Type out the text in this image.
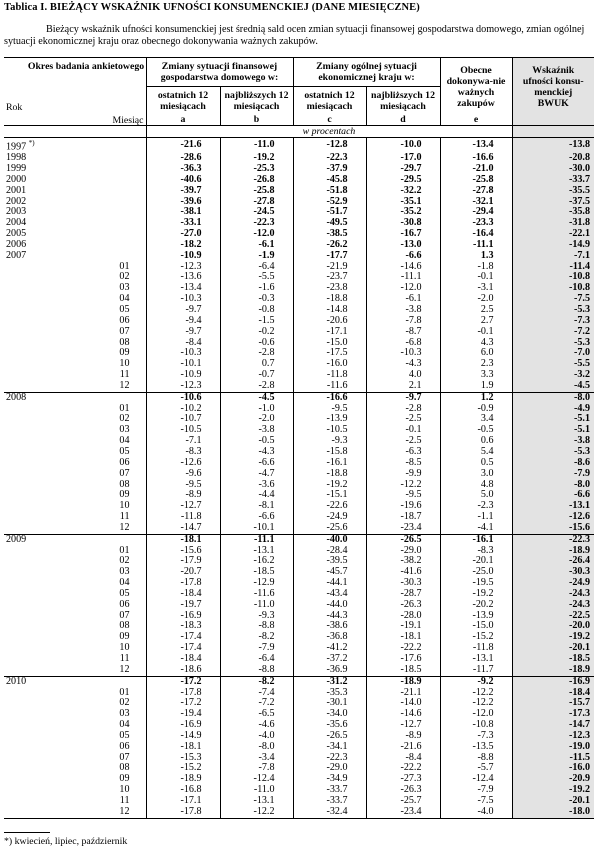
Tablica I. BIEŻĄCY WSKAŹNIK UFNOŚCI KONSUMENCKIEJ (DANE MIESIĘCZNE)
Bieżący wskaźnik ufności konsumenckiej jest średnią sald ocen zmian sytuacji finansowej gospodarstwa domowego, zmian ogólnej sytuacji ekonomicznej kraju oraz obecnego dokonywania ważnych zakupów.
Okres badania ankietowego
Rok
Miesiąc		Zmiany sytuacji finansowej gospodarstwa domowego w:		Zmiany ogólnej sytuacji ekonomicznej kraju w:		Obecne dokonywa-nie ważnych zakupów	Wskaźnik ufności konsu-menckiej BWUK
		ostatnich 12 miesiącach	najbliższych 12 miesiącach	ostatnich 12 miesiącach	najbliższych 12 miesiącach		
		a	b	c	d	e	
		w procentach					
1997 *)		-21.6	-11.0	-12.8	-10.0	-13.4	-13.8
1998		-28.6	-19.2	-22.3	-17.0	-16.6	-20.8
1999		-36.3	-25.3	-37.9	-29.7	-21.0	-30.0
2000		-40.6	-26.8	-45.8	-29.5	-25.8	-33.7
2001		-39.7	-25.8	-51.8	-32.2	-27.8	-35.5
2002		-39.6	-27.8	-52.9	-35.1	-32.1	-37.5
2003		-38.1	-24.5	-51.7	-35.2	-29.4	-35.8
2004		-33.1	-22.3	-49.5	-30.8	-23.3	-31.8
2005		-27.0	-12.0	-38.5	-16.7	-16.4	-22.1
2006		-18.2	-6.1	-26.2	-13.0	-11.1	-14.9
2007		-10.9	-1.9	-17.7	-6.6	1.3	-7.1
	01	-12.3	-6.4	-21.9	-14.6	-1.8	-11.4
	02	-13.6	-5.5	-23.7	-11.1	-0.1	-10.8
	03	-13.4	-1.6	-23.8	-12.0	-3.1	-10.8
	04	-10.3	-0.3	-18.8	-6.1	-2.0	-7.5
	05	-9.7	-0.8	-14.8	-3.8	2.5	-5.3
	06	-9.4	-1.5	-20.6	-7.8	2.7	-7.3
	07	-9.7	-0.2	-17.1	-8.7	-0.1	-7.2
	08	-8.4	-0.6	-15.0	-6.8	4.3	-5.3
	09	-10.3	-2.8	-17.5	-10.3	6.0	-7.0
	10	-10.1	0.7	-16.0	-4.3	2.3	-5.5
	11	-10.9	-0.7	-11.8	4.0	3.3	-3.2
	12	-12.3	-2.8	-11.6	2.1	1.9	-4.5
2008		-10.6	-4.5	-16.6	-9.7	1.2	-8.0
	01	-10.2	-1.0	-9.5	-2.8	-0.9	-4.9
	02	-10.7	-2.0	-13.9	-2.5	3.4	-5.1
	03	-10.5	-3.8	-10.5	-0.1	-0.5	-5.1
	04	-7.1	-0.5	-9.3	-2.5	0.6	-3.8
	05	-8.3	-4.3	-15.8	-6.3	5.4	-5.3
	06	-12.6	-6.6	-16.1	-8.5	0.5	-8.6
	07	-9.6	-4.7	-18.8	-9.9	3.0	-7.9
	08	-9.5	-3.6	-19.2	-12.2	4.8	-8.0
	09	-8.9	-4.4	-15.1	-9.5	5.0	-6.6
	10	-12.7	-8.1	-22.6	-19.6	-2.3	-13.1
	11	-11.8	-6.6	-24.9	-18.7	-1.1	-12.6
	12	-14.7	-10.1	-25.6	-23.4	-4.1	-15.6
2009		-18.1	-11.1	-40.0	-26.5	-16.1	-22.3
	01	-15.6	-13.1	-28.4	-29.0	-8.3	-18.9
	02	-17.9	-16.2	-39.5	-38.2	-20.1	-26.4
	03	-20.7	-18.5	-45.7	-41.6	-25.0	-30.3
	04	-17.8	-12.9	-44.1	-30.3	-19.5	-24.9
	05	-18.4	-11.6	-43.4	-28.7	-19.2	-24.3
	06	-19.7	-11.0	-44.0	-26.3	-20.2	-24.3
	07	-16.9	-9.3	-44.3	-28.0	-13.9	-22.5
	08	-18.3	-8.8	-38.6	-19.1	-15.0	-20.0
	09	-17.4	-8.2	-36.8	-18.1	-15.2	-19.2
	10	-17.4	-7.9	-41.2	-22.2	-11.8	-20.1
	11	-18.4	-6.4	-37.2	-17.6	-13.1	-18.5
	12	-18.6	-8.8	-36.9	-18.5	-11.7	-18.9
2010		-17.2	-8.2	-31.2	-18.9	-9.2	-16.9
	01	-17.8	-7.4	-35.3	-21.1	-12.2	-18.4
	02	-17.2	-7.2	-30.1	-14.0	-12.2	-15.7
	03	-19.4	-6.5	-34.0	-14.6	-12.0	-17.3
	04	-16.9	-4.6	-35.6	-12.7	-10.8	-14.7
	05	-14.9	-4.0	-26.5	-8.9	-7.3	-12.3
	06	-18.1	-8.0	-34.1	-21.6	-13.5	-19.0
	07	-15.3	-3.4	-22.3	-8.4	-8.8	-11.5
	08	-15.2	-7.8	-29.0	-22.2	-5.7	-16.0
	09	-18.9	-12.4	-34.9	-27.3	-12.4	-20.9
	10	-16.8	-11.0	-33.7	-26.3	-7.9	-19.2
	11	-17.1	-13.1	-33.7	-25.7	-7.5	-20.1
	12	-17.8	-12.2	-32.4	-23.4	-4.0	-18.0
*) kwiecień, lipiec, październik
